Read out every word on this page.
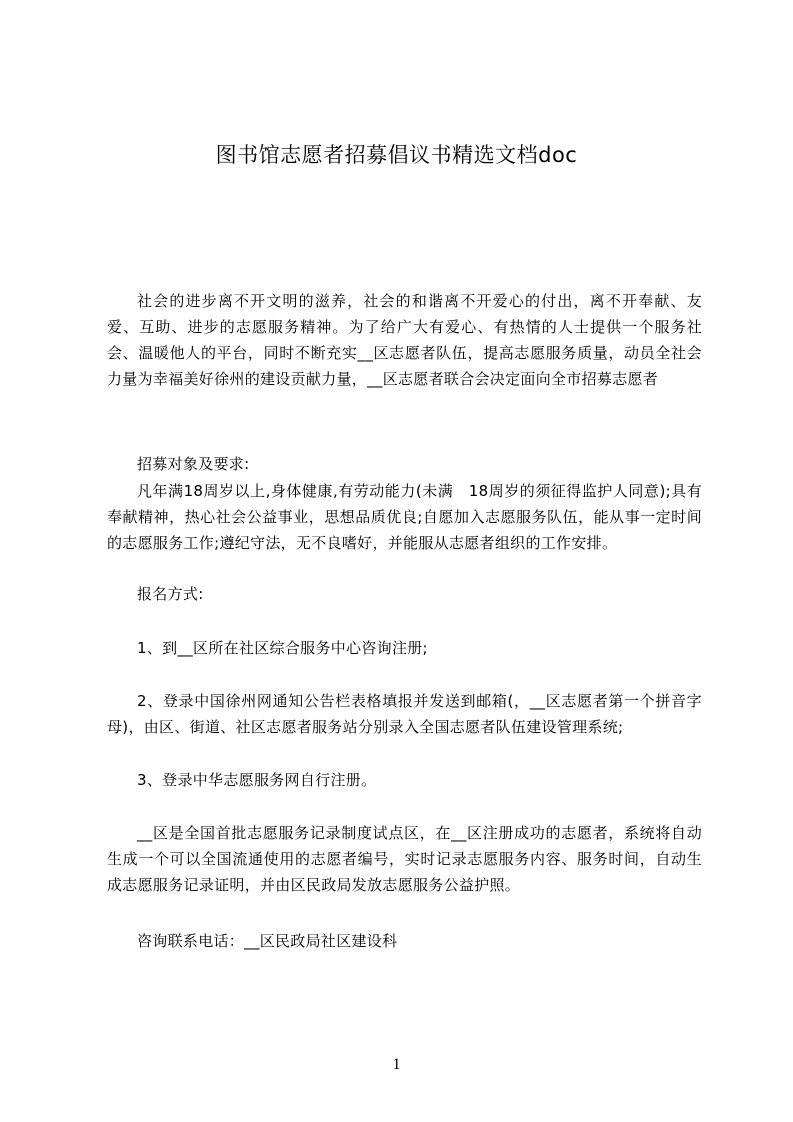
图书馆志愿者招募倡议书精选文档doc

社会的进步离不开文明的滋养，社会的和谐离不开爱心的付出，离不开奉献、友爱、互助、进步的志愿服务精神。为了给广大有爱心、有热情的人士提供一个服务社会、温暖他人的平台，同时不断充实__区志愿者队伍，提高志愿服务质量，动员全社会力量为幸福美好徐州的建设贡献力量，__区志愿者联合会决定面向全市招募志愿者

招募对象及要求:

凡年满18周岁以上,身体健康,有劳动能力(未满　18周岁的须征得监护人同意);具有奉献精神，热心社会公益事业，思想品质优良;自愿加入志愿服务队伍，能从事一定时间的志愿服务工作;遵纪守法，无不良嗜好，并能服从志愿者组织的工作安排。

报名方式:

1、到__区所在社区综合服务中心咨询注册;

2、登录中国徐州网通知公告栏表格填报并发送到邮箱(，__区志愿者第一个拼音字母)，由区、街道、社区志愿者服务站分别录入全国志愿者队伍建设管理系统;

3、登录中华志愿服务网自行注册。

__区是全国首批志愿服务记录制度试点区，在__区注册成功的志愿者，系统将自动生成一个可以全国流通使用的志愿者编号，实时记录志愿服务内容、服务时间，自动生成志愿服务记录证明，并由区民政局发放志愿服务公益护照。

咨询联系电话：__区民政局社区建设科

1
